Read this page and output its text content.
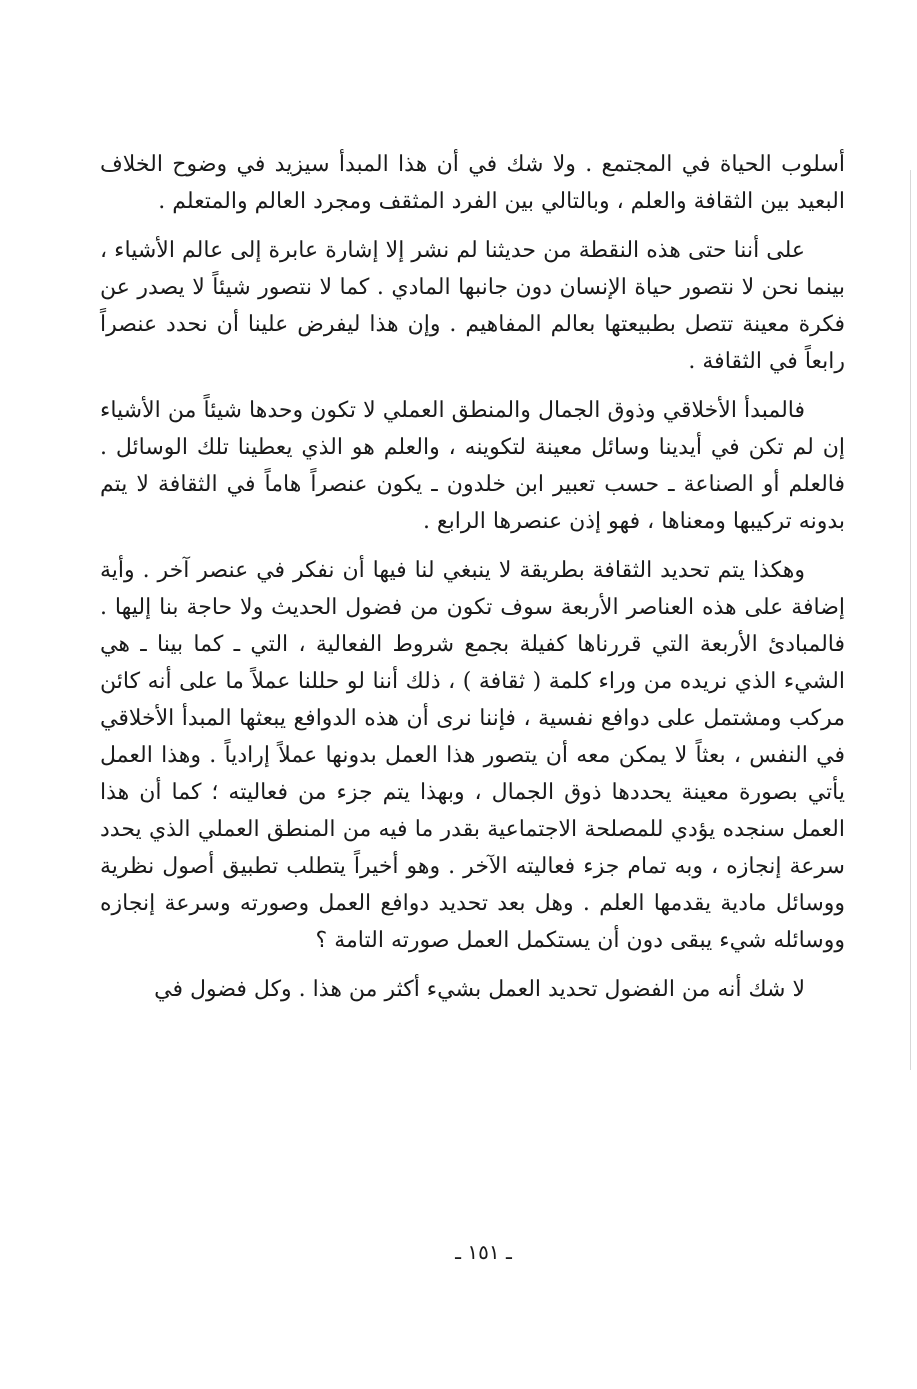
أسلوب الحياة في المجتمع . ولا شك في أن هذا المبدأ سيزيد في وضوح الخلاف البعيد بين الثقافة والعلم ، وبالتالي بين الفرد المثقف ومجرد العالم والمتعلم .

على أننا حتى هذه النقطة من حديثنا لم نشر إلا إشارة عابرة إلى عالم الأشياء ، بينما نحن لا نتصور حياة الإنسان دون جانبها المادي . كما لا نتصور شيئاً لا يصدر عن فكرة معينة تتصل بطبيعتها بعالم المفاهيم . وإن هذا ليفرض علينا أن نحدد عنصراً رابعاً في الثقافة .

فالمبدأ الأخلاقي وذوق الجمال والمنطق العملي لا تكون وحدها شيئاً من الأشياء إن لم تكن في أيدينا وسائل معينة لتكوينه ، والعلم هو الذي يعطينا تلك الوسائل . فالعلم أو الصناعة ـ حسب تعبير ابن خلدون ـ يكون عنصراً هاماً في الثقافة لا يتم بدونه تركيبها ومعناها ، فهو إذن عنصرها الرابع .

وهكذا يتم تحديد الثقافة بطريقة لا ينبغي لنا فيها أن نفكر في عنصر آخر . وأية إضافة على هذه العناصر الأربعة سوف تكون من فضول الحديث ولا حاجة بنا إليها . فالمبادئ الأربعة التي قررناها كفيلة بجمع شروط الفعالية ، التي ـ كما بينا ـ هي الشيء الذي نريده من وراء كلمة ( ثقافة ) ، ذلك أننا لو حللنا عملاً ما على أنه كائن مركب ومشتمل على دوافع نفسية ، فإننا نرى أن هذه الدوافع يبعثها المبدأ الأخلاقي في النفس ، بعثاً لا يمكن معه أن يتصور هذا العمل بدونها عملاً إرادياً . وهذا العمل يأتي بصورة معينة يحددها ذوق الجمال ، وبهذا يتم جزء من فعاليته ؛ كما أن هذا العمل سنجده يؤدي للمصلحة الاجتماعية بقدر ما فيه من المنطق العملي الذي يحدد سرعة إنجازه ، وبه تمام جزء فعاليته الآخر . وهو أخيراً يتطلب تطبيق أصول نظرية ووسائل مادية يقدمها العلم . وهل بعد تحديد دوافع العمل وصورته وسرعة إنجازه ووسائله شيء يبقى دون أن يستكمل العمل صورته التامة ؟

لا شك أنه من الفضول تحديد العمل بشيء أكثر من هذا . وكل فضول في

ـ ١٥١ ـ
